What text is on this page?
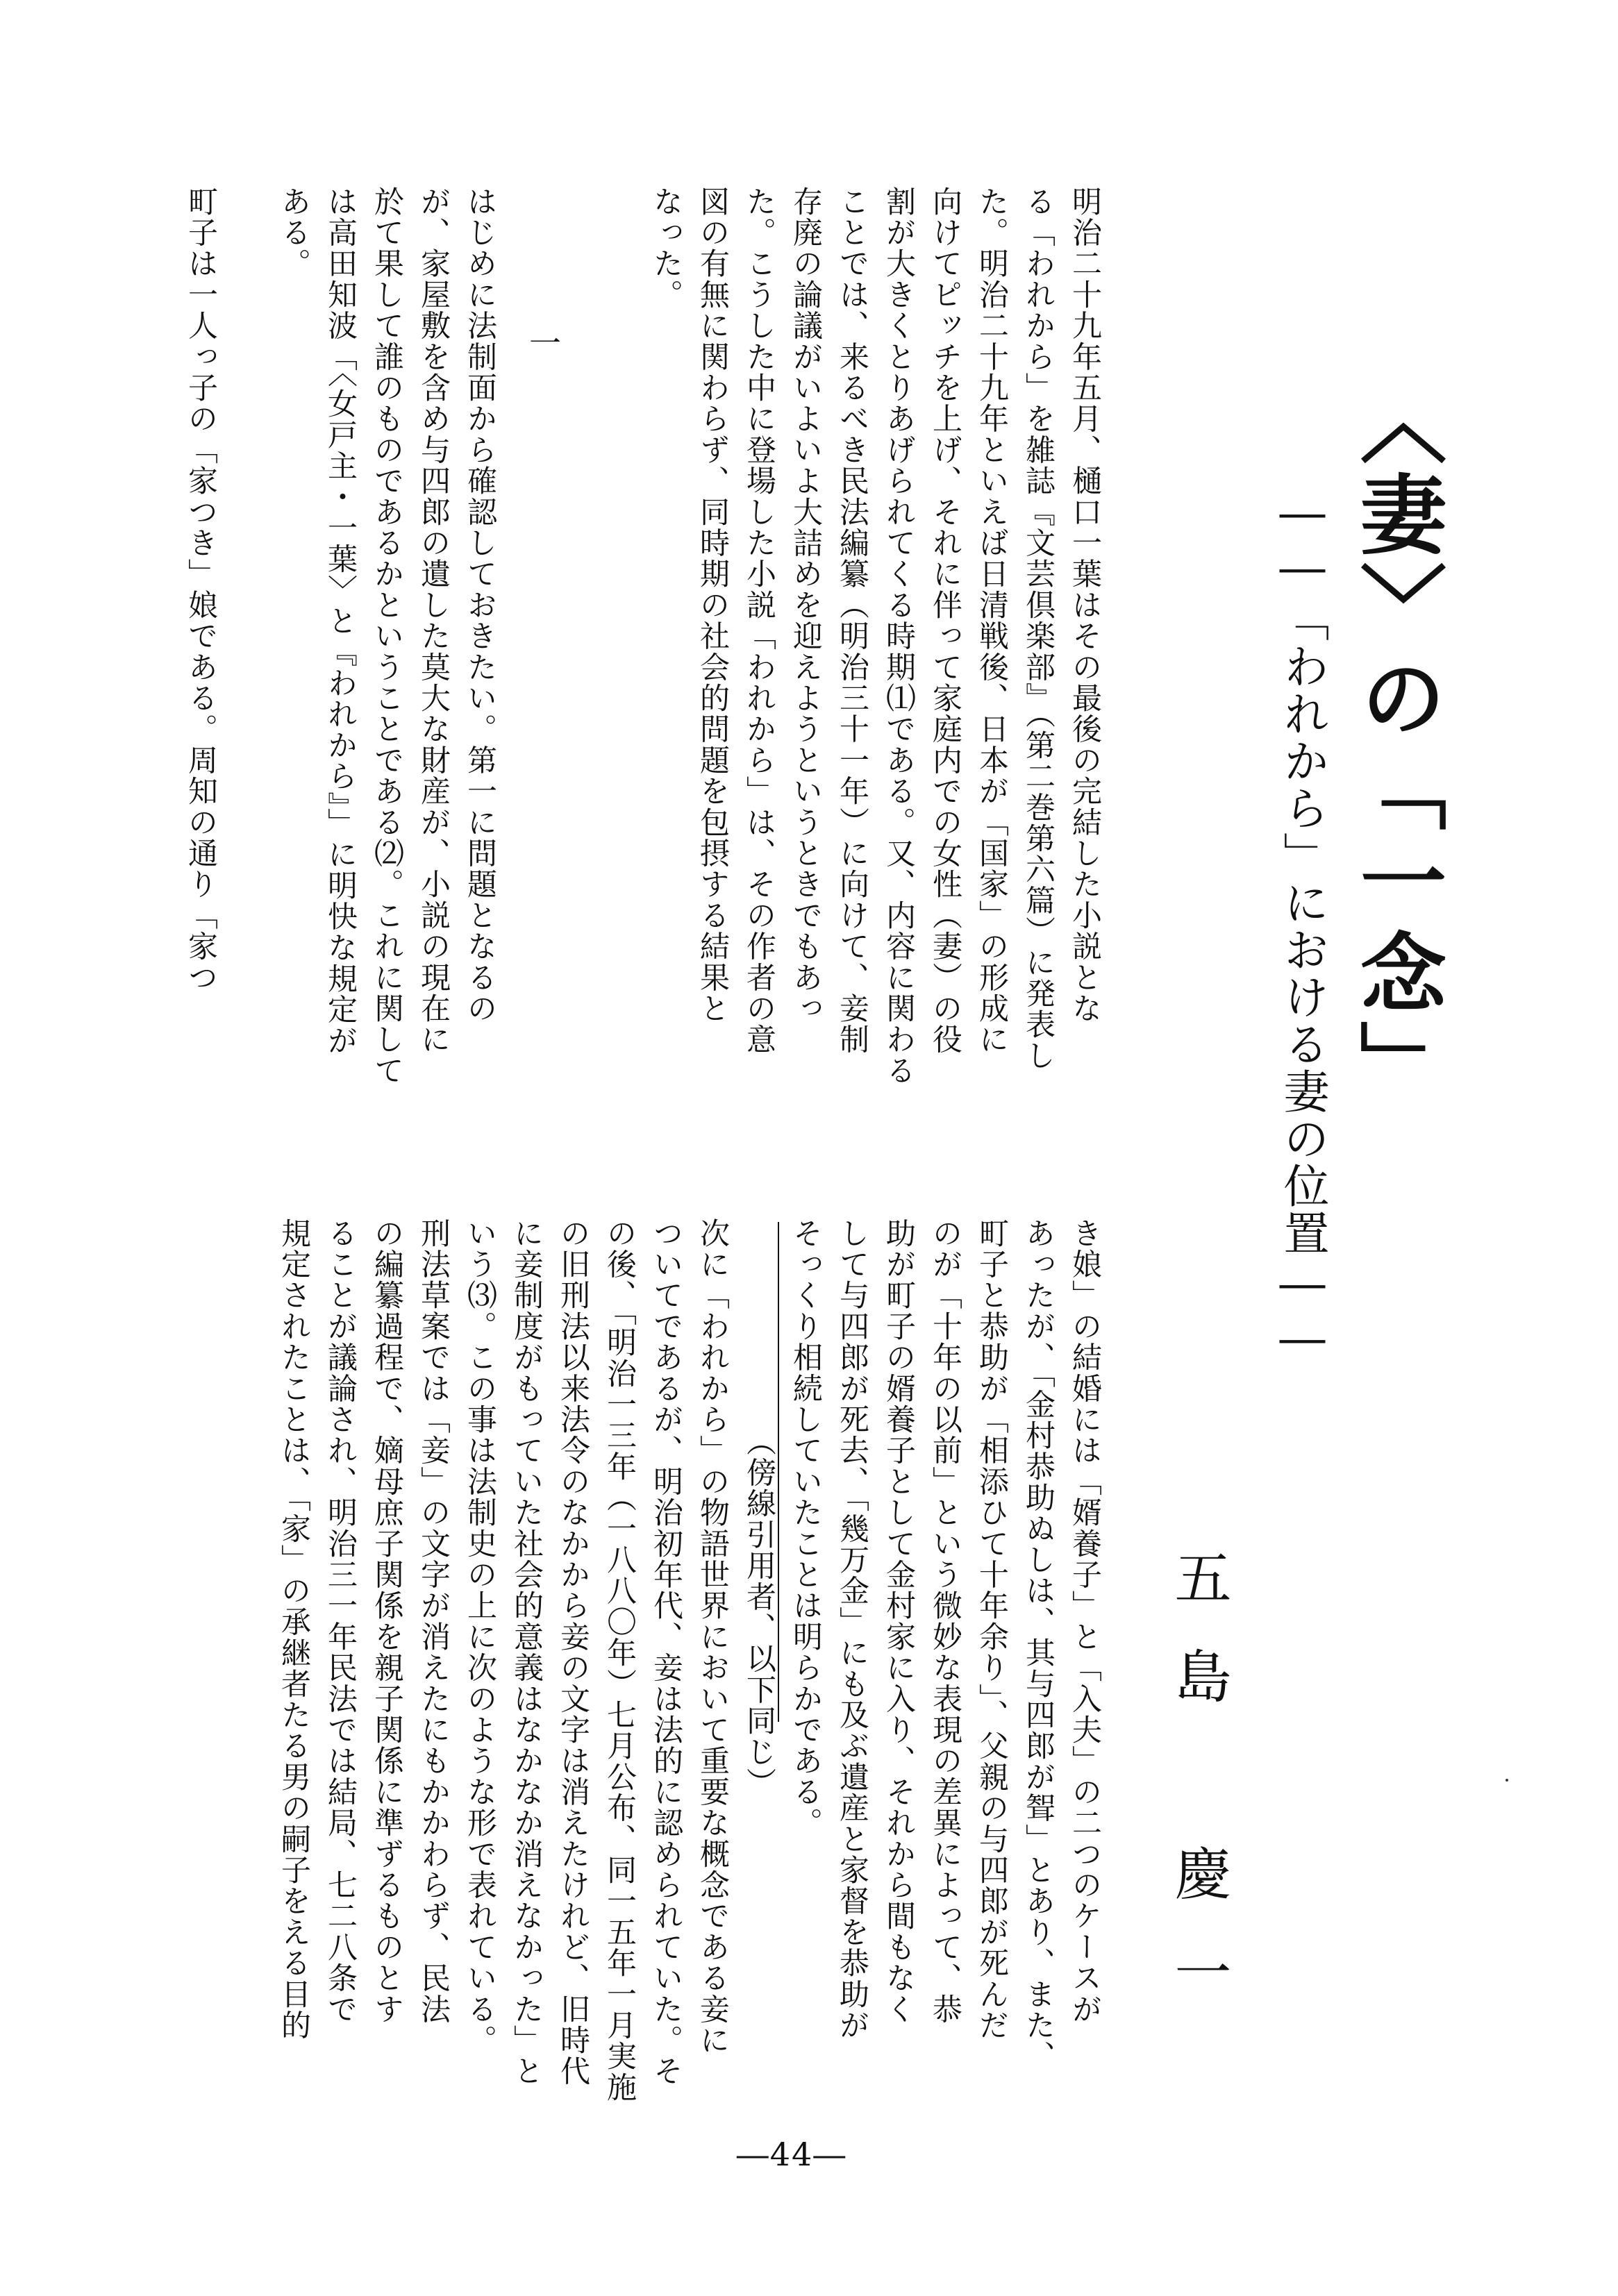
〈妻〉の「一念」
――「われから」における妻の位置――
五島　慶一
一	明治二十九年五月、樋口一葉はその最後の完結した小説とな
る「われから」を雑誌『文芸倶楽部』（第二巻第六篇）に発表し
た。明治二十九年といえば日清戦後、日本が「国家」の形成に
向けてピッチを上げ、それに伴って家庭内での女性（妻）の役
割が大きくとりあげられてくる時期⑴である。又、内容に関わる
ことでは、来るべき民法編纂（明治三十一年）に向けて、妾制
存廃の論議がいよいよ大詰めを迎えようというときでもあっ
た。こうした中に登場した小説「われから」は、その作者の意
図の有無に関わらず、同時期の社会的問題を包摂する結果と
なった。

はじめに法制面から確認しておきたい。第一に問題となるの
が、家屋敷を含め与四郎の遺した莫大な財産が、小説の現在に
於て果して誰のものであるかということである⑵。これに関して
は高田知波「〈女戸主・一葉〉と『われから』」に明快な規定が
ある。

町子は一人っ子の「家つき」娘である。周知の通り「家つ
き娘」の結婚には「婿養子」と「入夫」の二つのケースが
あったが、「金村恭助ぬしは、其与四郎が聟」とあり、また、
町子と恭助が「相添ひて十年余り」、父親の与四郎が死んだ
のが「十年の以前」という微妙な表現の差異によって、恭
助が町子の婿養子として金村家に入り、それから間もなく
して与四郎が死去、「幾万金」にも及ぶ遺産と家督を恭助が
そっくり相続していたことは明らかである。
（傍線引用者、以下同じ）
次に「われから」の物語世界において重要な概念である妾に
ついてであるが、明治初年代、妾は法的に認められていた。そ
の後、「明治一三年（一八八〇年）七月公布、同一五年一月実施
の旧刑法以来法令のなかから妾の文字は消えたけれど、旧時代
に妾制度がもっていた社会的意義はなかなか消えなかった」と
いう⑶。この事は法制史の上に次のような形で表れている。
刑法草案では「妾」の文字が消えたにもかかわらず、民法
の編纂過程で、嫡母庶子関係を親子関係に準ずるものとす
ることが議論され、明治三一年民法では結局、七二八条で
規定されたことは、「家」の承継者たる男の嗣子をえる目的
―44―
